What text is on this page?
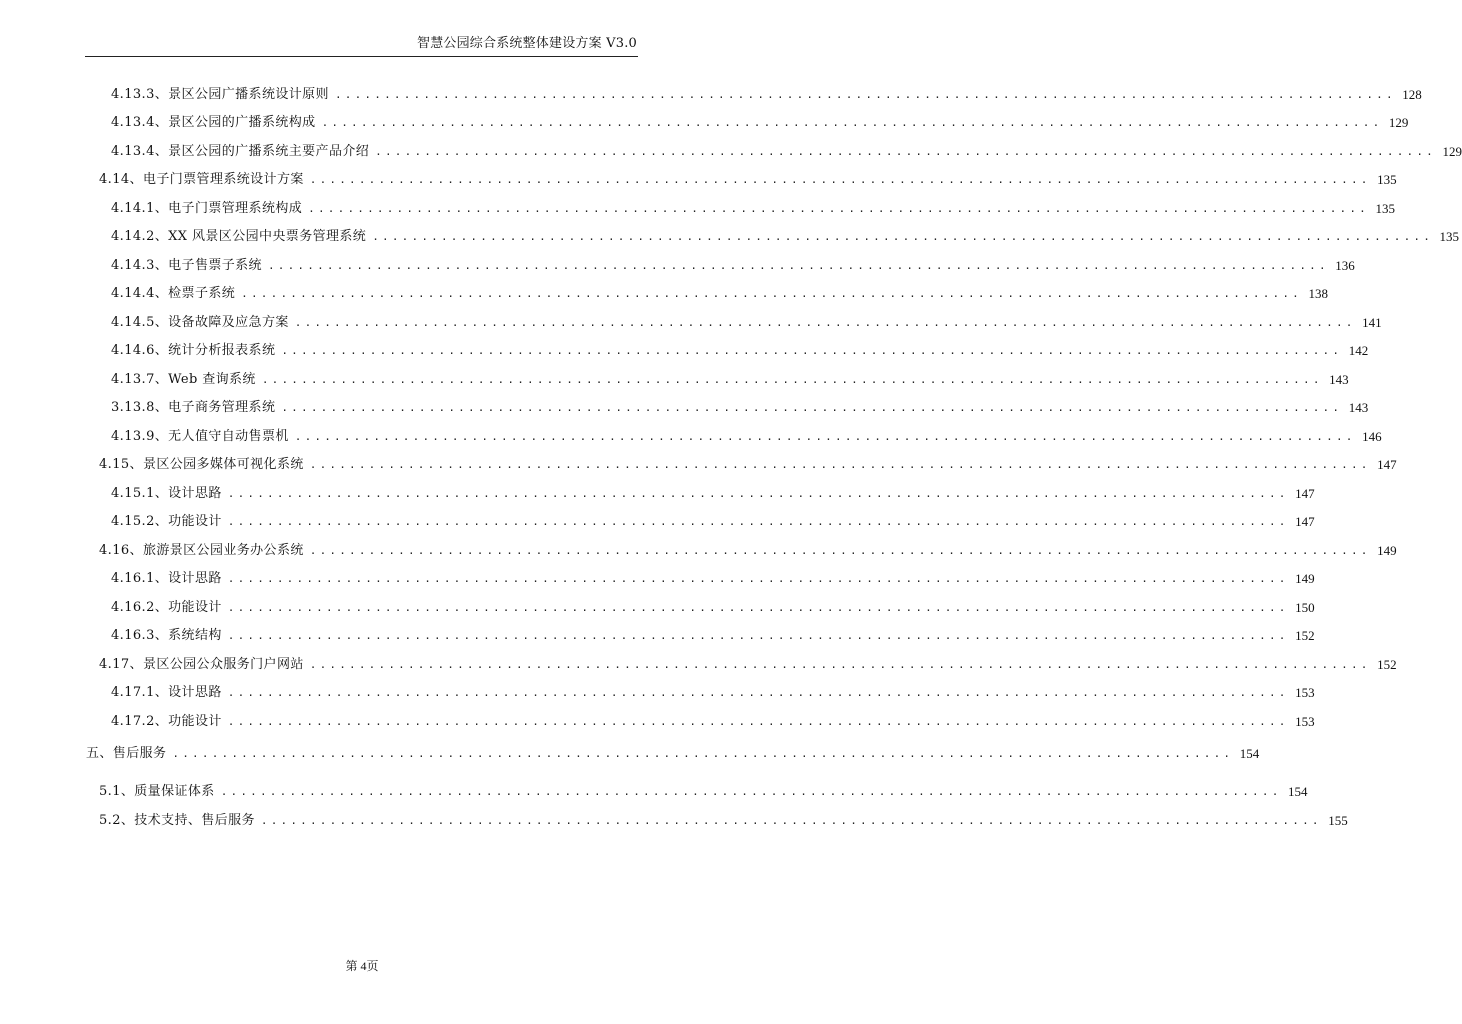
智慧公园综合系统整体建设方案 V3.0
4.13.3、景区公园广播系统设计原则 ............................................................................................................ 128
4.13.4、景区公园的广播系统构成 ............................................................................................................ 129
4.13.4、景区公园的广播系统主要产品介绍 ............................................................................................................ 129
4.14、电子门票管理系统设计方案 ............................................................................................................ 135
4.14.1、电子门票管理系统构成 ............................................................................................................ 135
4.14.2、XX 风景区公园中央票务管理系统 ............................................................................................................ 135
4.14.3、电子售票子系统 ............................................................................................................ 136
4.14.4、检票子系统 ............................................................................................................ 138
4.14.5、设备故障及应急方案 ............................................................................................................ 141
4.14.6、统计分析报表系统 ............................................................................................................ 142
4.13.7、Web 查询系统 ............................................................................................................ 143
3.13.8、电子商务管理系统 ............................................................................................................ 143
4.13.9、无人值守自动售票机 ............................................................................................................ 146
4.15、景区公园多媒体可视化系统 ............................................................................................................ 147
4.15.1、设计思路 ............................................................................................................ 147
4.15.2、功能设计 ............................................................................................................ 147
4.16、旅游景区公园业务办公系统 ............................................................................................................ 149
4.16.1、设计思路 ............................................................................................................ 149
4.16.2、功能设计 ............................................................................................................ 150
4.16.3、系统结构 ............................................................................................................ 152
4.17、景区公园公众服务门户网站 ............................................................................................................ 152
4.17.1、设计思路 ............................................................................................................ 153
4.17.2、功能设计 ............................................................................................................ 153
五、售后服务 ............................................................................................................ 154
5.1、质量保证体系 ............................................................................................................ 154
5.2、技术支持、售后服务 ............................................................................................................ 155
第 4页
